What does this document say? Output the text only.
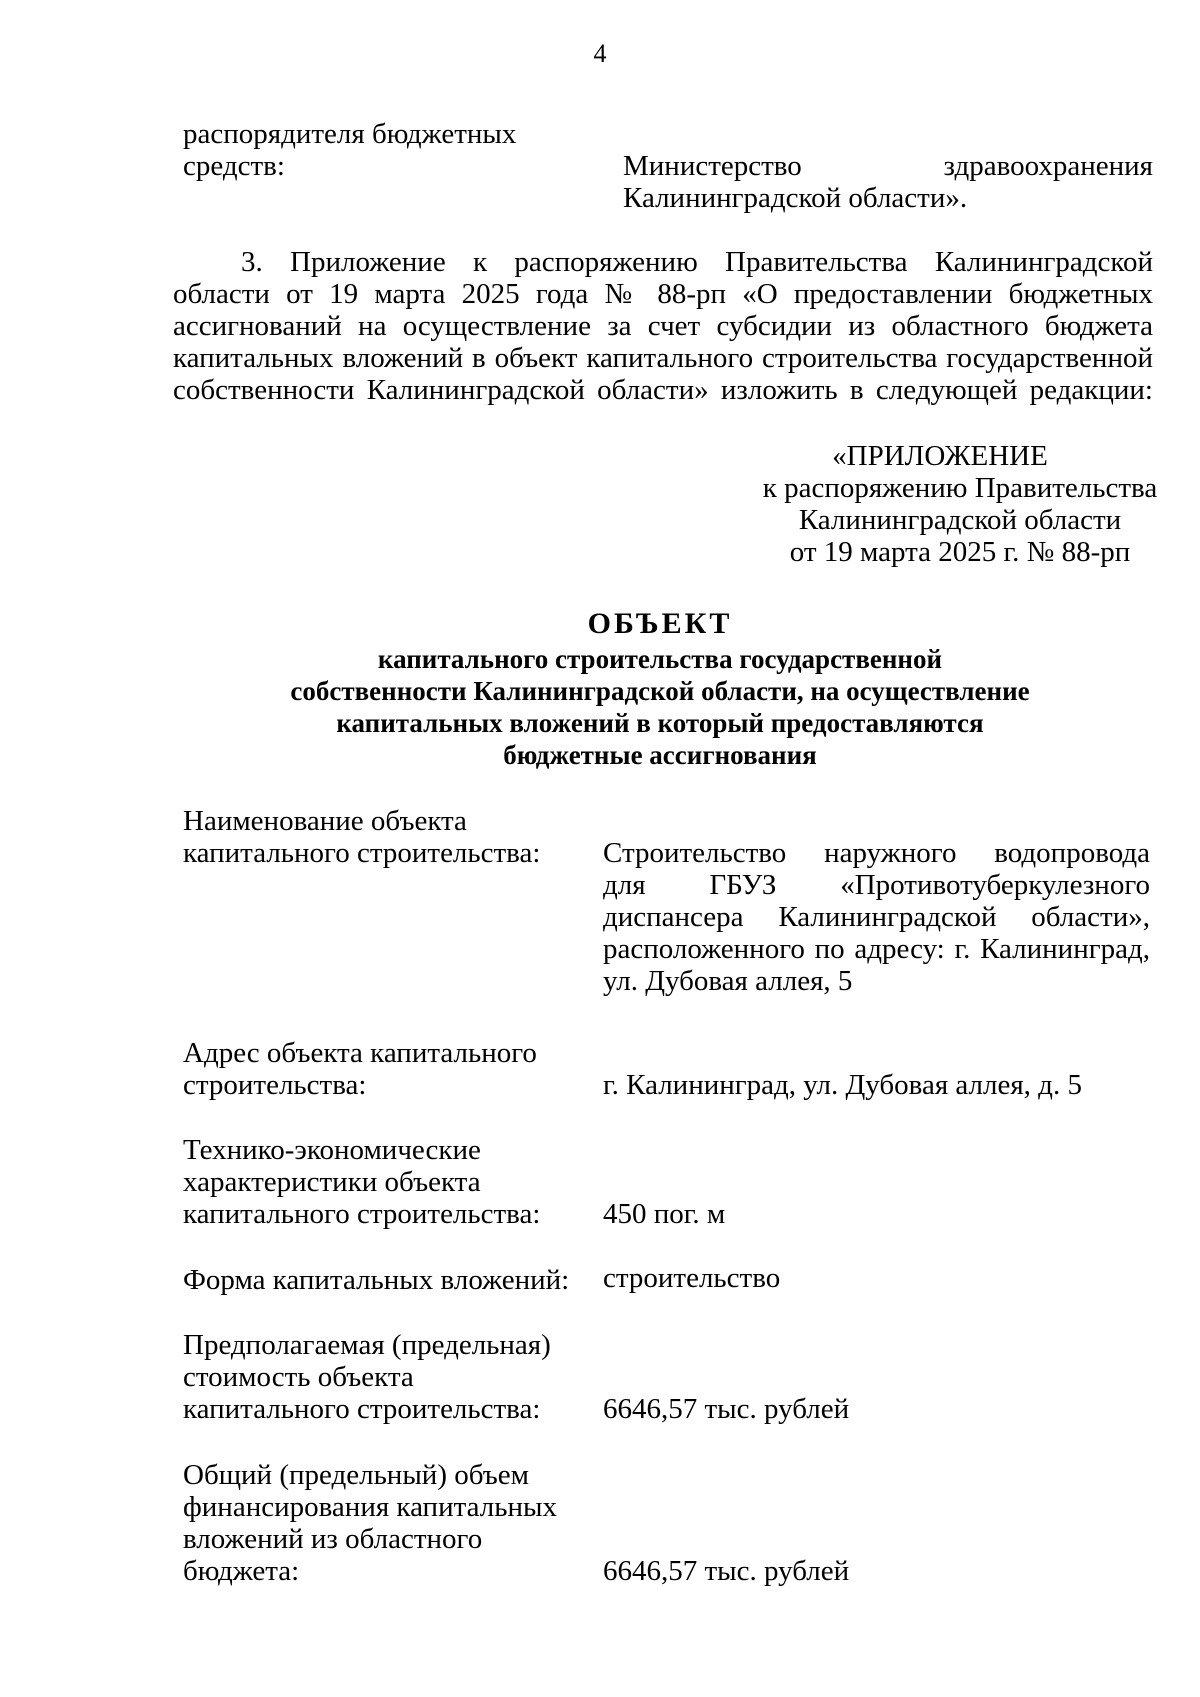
4
распорядителя бюджетных
средств:	Министерство здравоохранения
Калининградской области».
3. Приложение к распоряжению Правительства Калининградской
области от 19 марта 2025 года № 88-рп «О предоставлении бюджетных
ассигнований на осуществление за счет субсидии из областного бюджета
капитальных вложений в объект капитального строительства государственной
собственности Калининградской области» изложить в следующей редакции:
«ПРИЛОЖЕНИЕ
к распоряжению Правительства
Калининградской области
от 19 марта 2025 г. № 88-рп
ОБЪЕКТ
капитального строительства государственной
собственности Калининградской области, на осуществление
капитальных вложений в который предоставляются
бюджетные ассигнования
Наименование объекта
капитального строительства:	Строительство наружного водопровода
для ГБУЗ «Противотуберкулезного
диспансера Калининградской области»,
расположенного по адресу: г. Калининград,
ул. Дубовая аллея, 5
Адрес объекта капитального
строительства:	г. Калининград, ул. Дубовая аллея, д. 5
Технико-экономические
характеристики объекта
капитального строительства:	450 пог. м
Форма капитальных вложений:	строительство
Предполагаемая (предельная)
стоимость объекта
капитального строительства:	6646,57 тыс. рублей
Общий (предельный) объем
финансирования капитальных
вложений из областного
бюджета:	6646,57 тыс. рублей
